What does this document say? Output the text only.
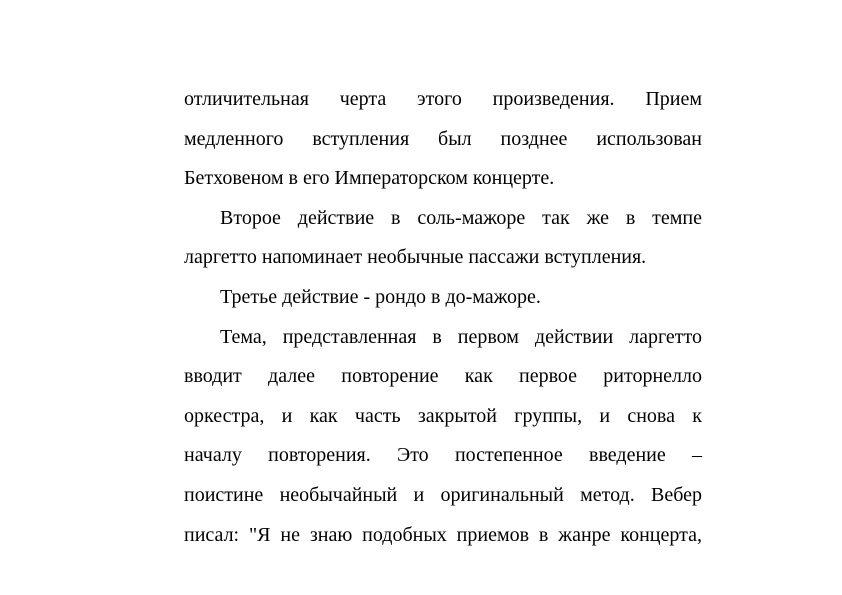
отличительная черта этого произведения. Прием
медленного вступления был позднее использован
Бетховеном в его Императорском концерте.
Второе действие в соль-мажоре так же в темпе
ларгетто напоминает необычные пассажи вступления.
Третье действие - рондо в до-мажоре.
Тема, представленная в первом действии ларгетто
вводит далее повторение как первое риторнелло
оркестра, и как часть закрытой группы, и снова к
началу повторения. Это постепенное введение –
поистине необычайный и оригинальный метод. Вебер
писал: "Я не знаю подобных приемов в жанре концерта,
